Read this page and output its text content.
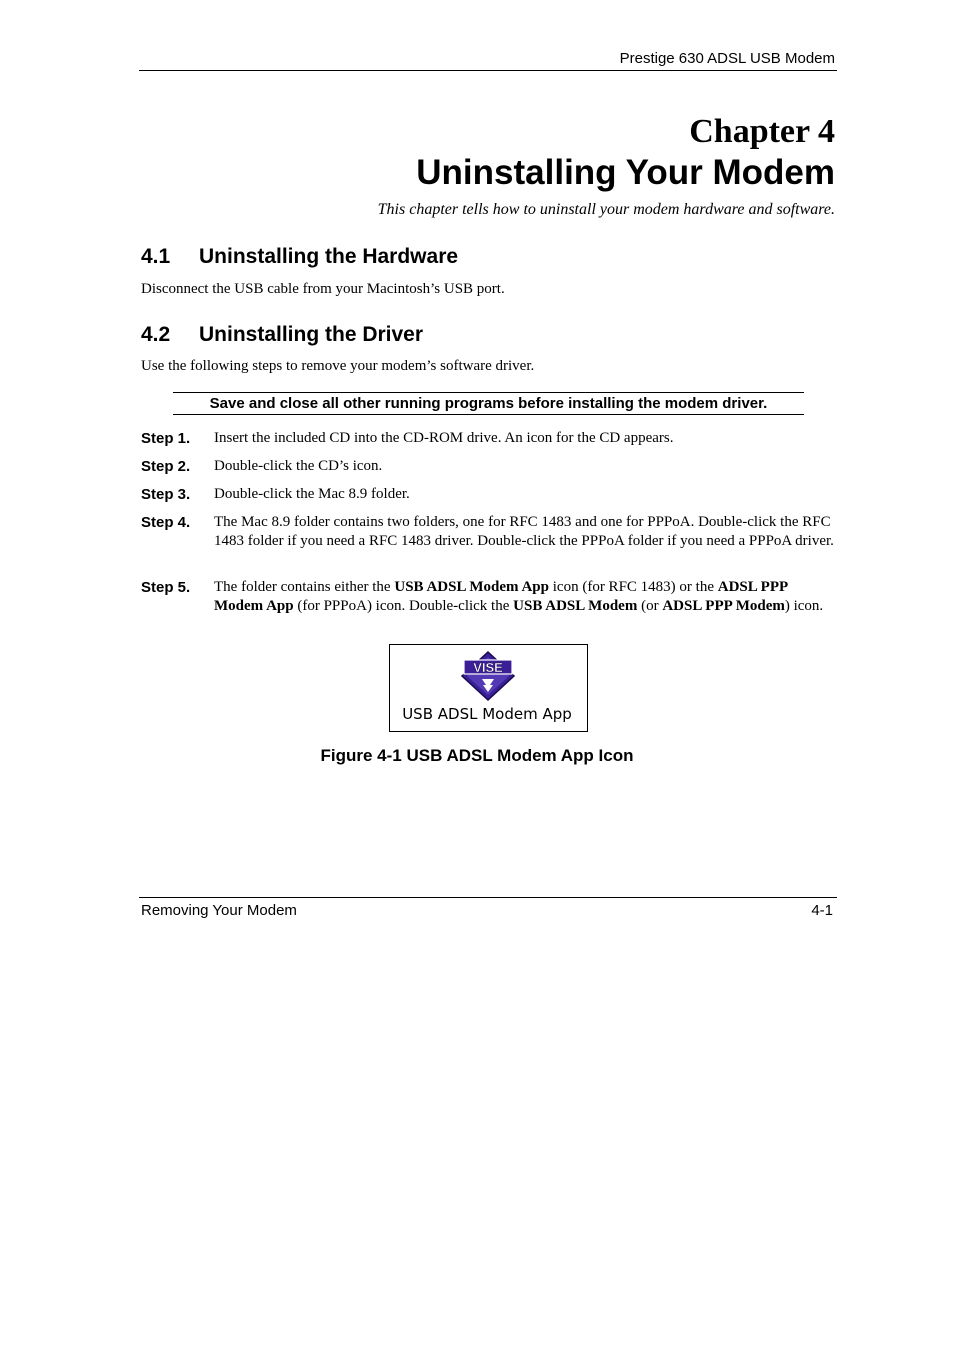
Prestige 630 ADSL USB Modem
Chapter 4
Uninstalling Your Modem
This chapter tells how to uninstall your modem hardware and software.
4.1 Uninstalling the Hardware
Disconnect the USB cable from your Macintosh’s USB port.
4.2 Uninstalling the Driver
Use the following steps to remove your modem’s software driver.
Save and close all other running programs before installing the modem driver.
Step 1. Insert the included CD into the CD-ROM drive. An icon for the CD appears.
Step 2. Double-click the CD’s icon.
Step 3. Double-click the Mac 8.9 folder.
Step 4. The Mac 8.9 folder contains two folders, one for RFC 1483 and one for PPPoA. Double-click the RFC 1483 folder if you need a RFC 1483 driver. Double-click the PPPoA folder if you need a PPPoA driver.
Step 5. The folder contains either the USB ADSL Modem App icon (for RFC 1483) or the ADSL PPP Modem App (for PPPoA) icon. Double-click the USB ADSL Modem (or ADSL PPP Modem) icon.
VISE
USB ADSL Modem App
Figure 4-1 USB ADSL Modem App Icon
Removing Your Modem	4-1
